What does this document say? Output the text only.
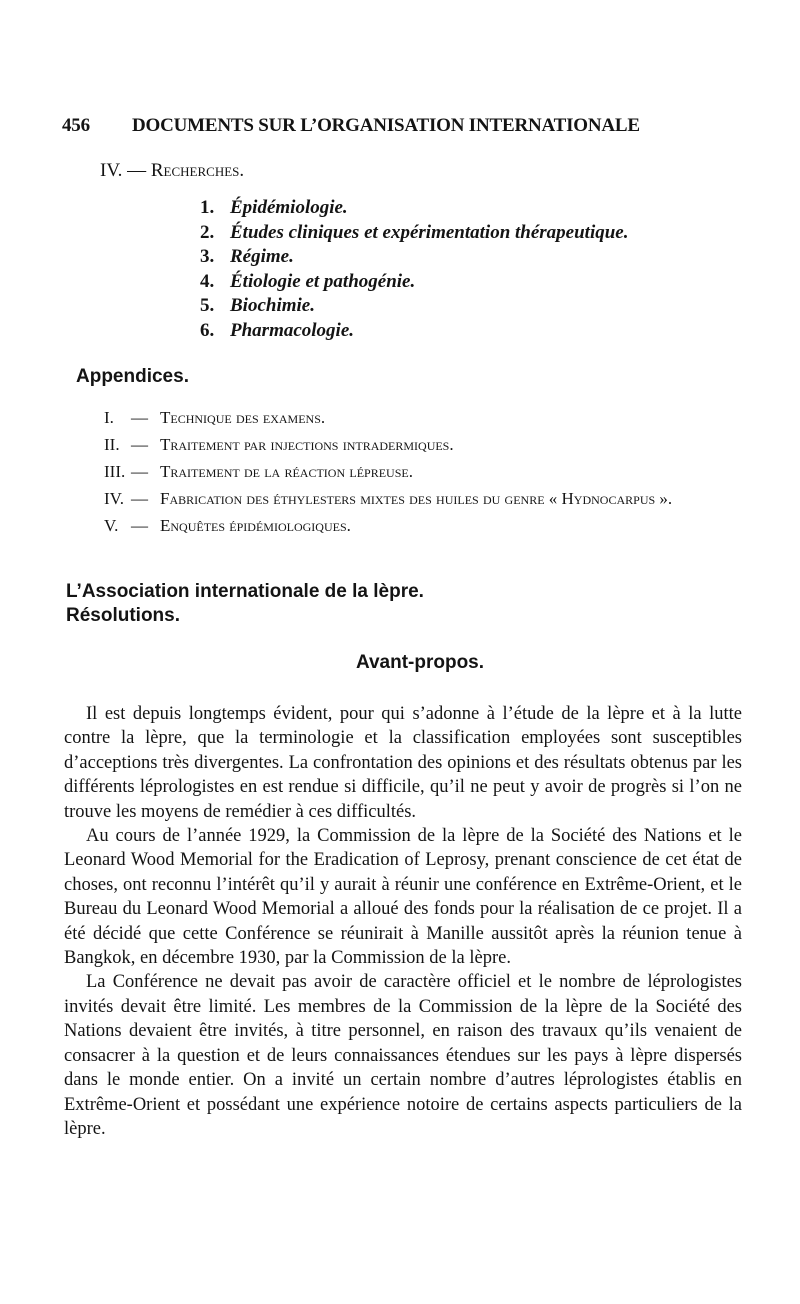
456 DOCUMENTS SUR L’ORGANISATION INTERNATIONALE
IV. — Recherches.
1. Épidémiologie.
2. Études cliniques et expérimentation thérapeutique.
3. Régime.
4. Étiologie et pathogénie.
5. Biochimie.
6. Pharmacologie.
Appendices.
I. — Technique des examens.
II. — Traitement par injections intradermiques.
III. — Traitement de la réaction lépreuse.
IV. — Fabrication des éthylesters mixtes des huiles du genre « Hydnocarpus ».
V. — Enquêtes épidémiologiques.
L’Association internationale de la lèpre.
Résolutions.
Avant-propos.

Il est depuis longtemps évident, pour qui s’adonne à l’étude de la lèpre et à la lutte contre la lèpre, que la terminologie et la classification employées sont susceptibles d’acceptions très divergentes. La confrontation des opinions et des résultats obtenus par les différents léprologistes en est rendue si difficile, qu’il ne peut y avoir de progrès si l’on ne trouve les moyens de remédier à ces difficultés.

Au cours de l’année 1929, la Commission de la lèpre de la Société des Nations et le Leonard Wood Memorial for the Eradication of Leprosy, prenant conscience de cet état de choses, ont reconnu l’intérêt qu’il y aurait à réunir une conférence en Extrême-Orient, et le Bureau du Leonard Wood Memorial a alloué des fonds pour la réalisation de ce projet. Il a été décidé que cette Conférence se réunirait à Manille aussitôt après la réunion tenue à Bangkok, en décembre 1930, par la Commission de la lèpre.

La Conférence ne devait pas avoir de caractère officiel et le nombre de léprologistes invités devait être limité. Les membres de la Commission de la lèpre de la Société des Nations devaient être invités, à titre personnel, en raison des travaux qu’ils venaient de consacrer à la question et de leurs connaissances étendues sur les pays à lèpre dispersés dans le monde entier. On a invité un certain nombre d’autres léprologistes établis en Extrême-Orient et possédant une expérience notoire de certains aspects particuliers de la lèpre.
